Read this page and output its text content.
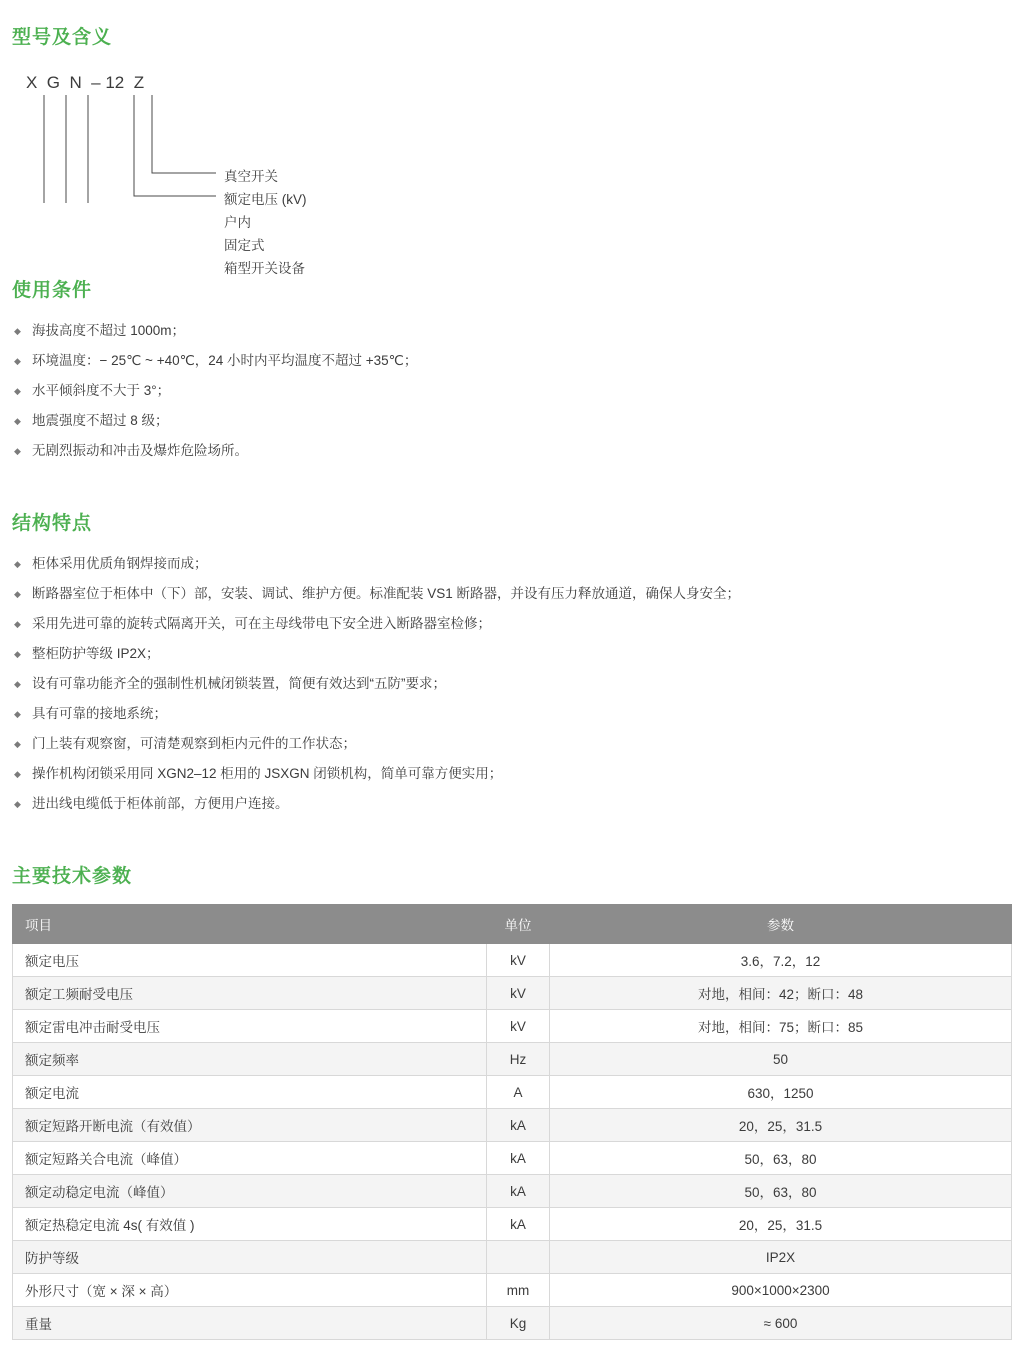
型号及含义
X  G  N  – 12  Z
真空开关
额定电压 (kV)
户内
固定式
箱型开关设备
使用条件
◆ 海拔高度不超过 1000m；
◆ 环境温度：− 25℃ ~ +40℃，24 小时内平均温度不超过 +35℃；
◆ 水平倾斜度不大于 3°；
◆ 地震强度不超过 8 级；
◆ 无剧烈振动和冲击及爆炸危险场所。
结构特点
◆ 柜体采用优质角钢焊接而成；
◆ 断路器室位于柜体中（下）部，安装、调试、维护方便。标准配装 VS1 断路器，并设有压力释放通道，确保人身安全；
◆ 采用先进可靠的旋转式隔离开关，可在主母线带电下安全进入断路器室检修；
◆ 整柜防护等级 IP2X；
◆ 设有可靠功能齐全的强制性机械闭锁装置，简便有效达到“五防”要求；
◆ 具有可靠的接地系统；
◆ 门上装有观察窗，可清楚观察到柜内元件的工作状态；
◆ 操作机构闭锁采用同 XGN2–12 柜用的 JSXGN 闭锁机构，简单可靠方便实用；
◆ 进出线电缆低于柜体前部，方便用户连接。
主要技术参数
项目	单位	参数
额定电压	kV	3.6，7.2，12
额定工频耐受电压	kV	对地，相间：42；断口：48
额定雷电冲击耐受电压	kV	对地，相间：75；断口：85
额定频率	Hz	50
额定电流	A	630，1250
额定短路开断电流（有效值）	kA	20，25，31.5
额定短路关合电流（峰值）	kA	50，63，80
额定动稳定电流（峰值）	kA	50，63，80
额定热稳定电流 4s( 有效值 )	kA	20，25，31.5
防护等级		IP2X
外形尺寸（宽 × 深 × 高）	mm	900×1000×2300
重量	Kg	≈ 600
